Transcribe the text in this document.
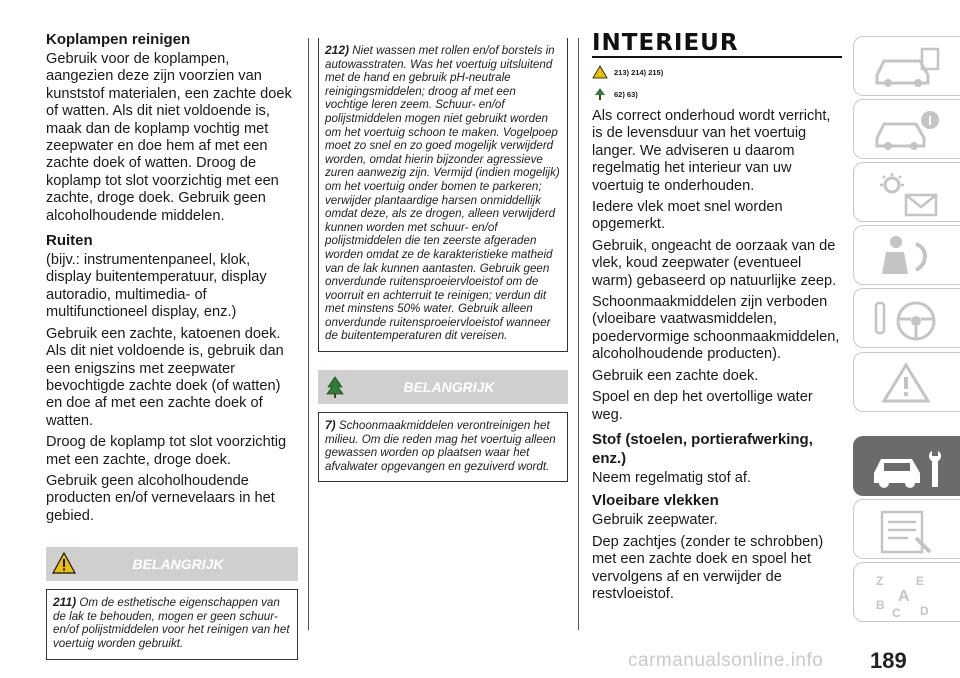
Koplampen reinigen
Gebruik voor de koplampen, aangezien deze zijn voorzien van kunststof materialen, een zachte doek of watten. Als dit niet voldoende is, maak dan de koplamp vochtig met zeepwater en doe hem af met een zachte doek of watten. Droog de koplamp tot slot voorzichtig met een zachte, droge doek. Gebruik geen alcoholhoudende middelen.
Ruiten
(bijv.: instrumentenpaneel, klok, display buitentemperatuur, display autoradio, multimedia- of multifunctioneel display, enz.)
Gebruik een zachte, katoenen doek. Als dit niet voldoende is, gebruik dan een enigszins met zeepwater bevochtigde zachte doek (of watten) en doe af met een zachte doek of watten.
Droog de koplamp tot slot voorzichtig met een zachte, droge doek.
Gebruik geen alcoholhoudende producten en/of vernevelaars in het gebied.
BELANGRIJK
211) Om de esthetische eigenschappen van de lak te behouden, mogen er geen schuur- en/of polijstmiddelen voor het reinigen van het voertuig worden gebruikt.
212) Niet wassen met rollen en/of borstels in autowasstraten. Was het voertuig uitsluitend met de hand en gebruik pH-neutrale reinigingsmiddelen; droog af met een vochtige leren zeem. Schuur- en/of polijstmiddelen mogen niet gebruikt worden om het voertuig schoon te maken. Vogelpoep moet zo snel en zo goed mogelijk verwijderd worden, omdat hierin bijzonder agressieve zuren aanwezig zijn. Vermijd (indien mogelijk) om het voertuig onder bomen te parkeren; verwijder plantaardige harsen onmiddellijk omdat deze, als ze drogen, alleen verwijderd kunnen worden met schuur- en/of polijstmiddelen die ten zeerste afgeraden worden omdat ze de karakteristieke matheid van de lak kunnen aantasten. Gebruik geen onverdunde ruitensproeiervloeistof om de voorruit en achterruit te reinigen; verdun dit met minstens 50% water. Gebruik alleen onverdunde ruitensproeiervloeistof wanneer de buitentemperaturen dit vereisen.
BELANGRIJK
7) Schoonmaakmiddelen verontreinigen het milieu. Om die reden mag het voertuig alleen gewassen worden op plaatsen waar het afvalwater opgevangen en gezuiverd wordt.
INTERIEUR
213) 214) 215)
62) 63)
Als correct onderhoud wordt verricht, is de levensduur van het voertuig langer. We adviseren u daarom regelmatig het interieur van uw voertuig te onderhouden.
Iedere vlek moet snel worden opgemerkt.
Gebruik, ongeacht de oorzaak van de vlek, koud zeepwater (eventueel warm) gebaseerd op natuurlijke zeep.
Schoonmaakmiddelen zijn verboden (vloeibare vaatwasmiddelen, poedervormige schoonmaakmiddelen, alcoholhoudende producten).
Gebruik een zachte doek.
Spoel en dep het overtollige water weg.
Stof (stoelen, portierafwerking, enz.)
Neem regelmatig stof af.
Vloeibare vlekken
Gebruik zeepwater.
Dep zachtjes (zonder te schrobben) met een zachte doek en spoel het vervolgens af en verwijder de restvloeistof.
Z	E
A
B
C D
carmanualsonline.info 189
